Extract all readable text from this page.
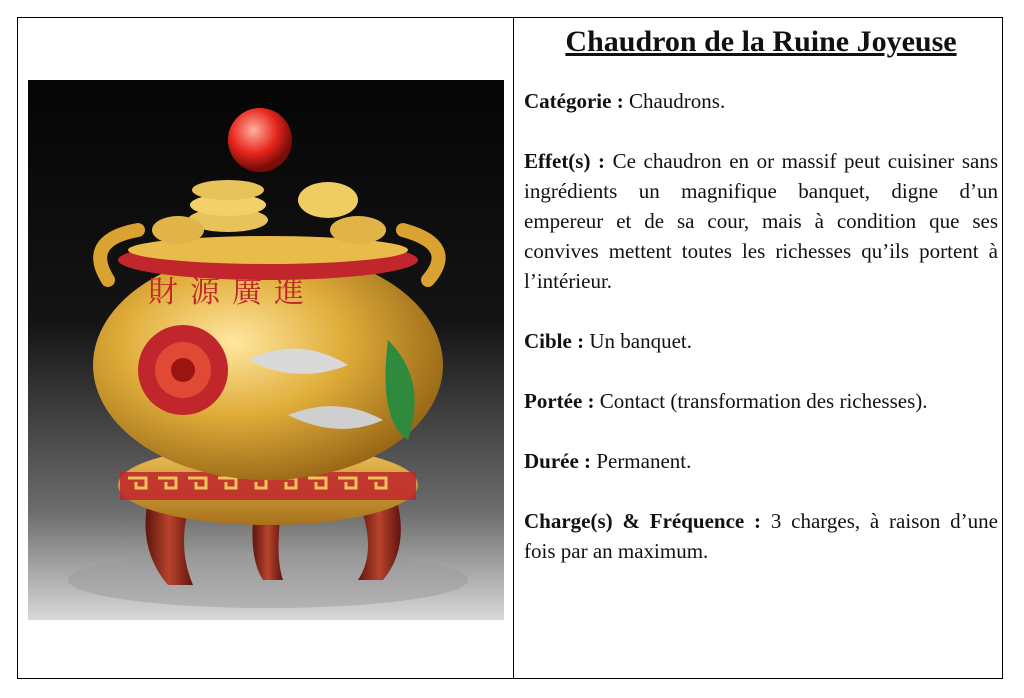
財 源 廣 進
Chaudron de la Ruine Joyeuse

Catégorie : Chaudrons.

Effet(s) : Ce chaudron en or massif peut cuisiner sans ingrédients un magnifique banquet, digne d’un empereur et de sa cour, mais à condition que ses convives mettent toutes les richesses qu’ils portent à l’intérieur.

Cible : Un banquet.

Portée : Contact (transformation des richesses).

Durée : Permanent.

Charge(s) & Fréquence : 3 charges, à raison d’une fois par an maximum.
